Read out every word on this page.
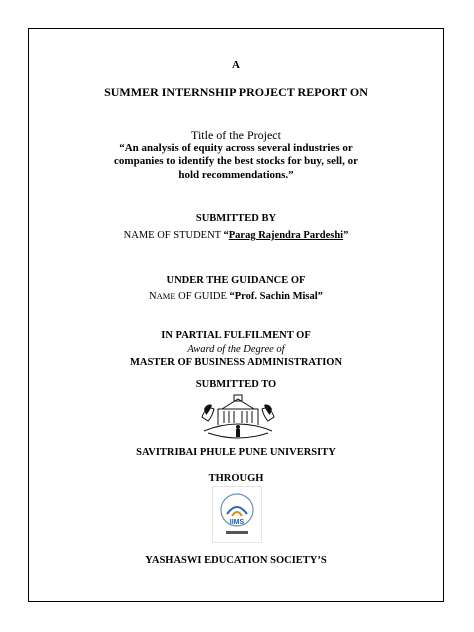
A
SUMMER INTERNSHIP PROJECT REPORT ON
Title of the Project
“An analysis of equity across several industries or
companies to identify the best stocks for buy, sell, or
hold recommendations.”
SUBMITTED BY
NAME OF STUDENT “Parag Rajendra Pardeshi”
UNDER THE GUIDANCE OF
NAME OF GUIDE “Prof. Sachin Misal”
IN PARTIAL FULFILMENT OF
Award of the Degree of
MASTER OF BUSINESS ADMINISTRATION
SUBMITTED TO
SAVITRIBAI PHULE PUNE UNIVERSITY
THROUGH
IIMS
YASHASWI EDUCATION SOCIETY’S
